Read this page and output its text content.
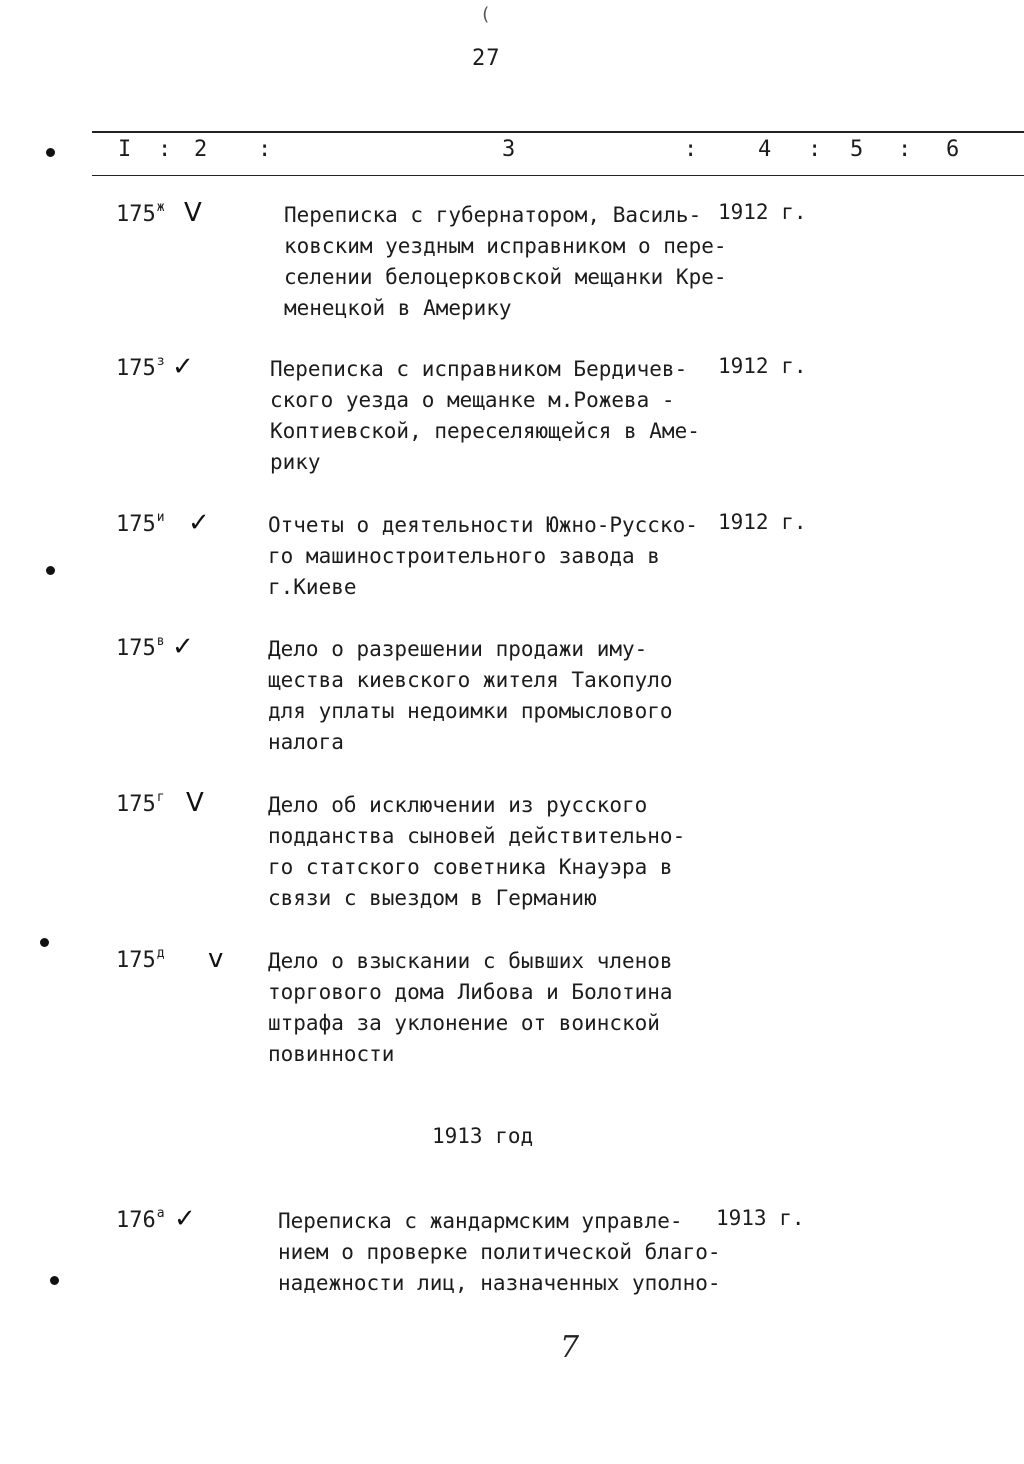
(
27
I : 2 :	3	:	4 : 5 : 6
$175^ж$ V	Переписка с губернатором, Василь-
ковским уездным исправником о пере-
селении белоцерковской мещанки Кре-
менецкой в Америку
1912 г.
$175^з$ ✓	Переписка с исправником Бердичев-
ского уезда о мещанке м.Рожева -
Коптиевской, переселяющейся в Аме-
рику
1912 г.
$175^и$ ✓	Отчеты о деятельности Южно-Русско-
го машиностроительного завода в
г.Киеве
1912 г.
$175^в$ ✓	Дело о разрешении продажи иму-
щества киевского жителя Такопуло
для уплаты недоимки промыслового
налога
$175^г$ V	Дело об исключении из русского
подданства сыновей действительно-
го статского советника Кнауэра в
связи с выездом в Германию
$175^д$ v Дело о взыскании с бывших членов
торгового дома Либова и Болотина
штрафа за уклонение от воинской
повинности
1913 год
$176^а$ ✓	Переписка с жандармским управле-
нием о проверке политической благо-
надежности лиц, назначенных уполно-
1913 г.
7
